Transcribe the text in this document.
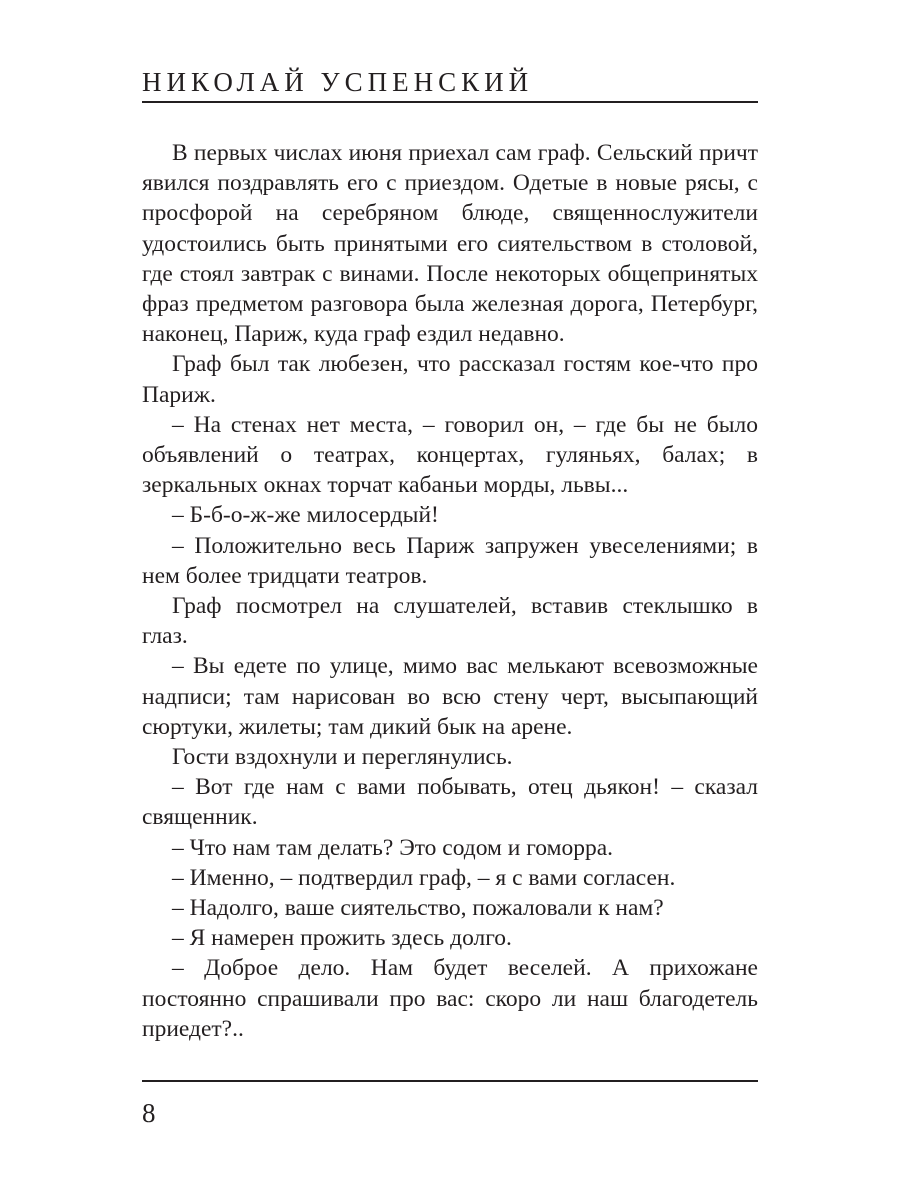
НИКОЛАЙ УСПЕНСКИЙ

В первых числах июня приехал сам граф. Сельский причт явился поздравлять его с приездом. Одетые в новые рясы, с просфорой на серебряном блюде, священнослужители удостоились быть принятыми его сиятельством в столовой, где стоял завтрак с винами. После некоторых общепринятых фраз предметом разговора была железная дорога, Петербург, наконец, Париж, куда граф ездил недавно.

Граф был так любезен, что рассказал гостям кое-что про Париж.

– На стенах нет места, – говорил он, – где бы не было объявлений о театрах, концертах, гуляньях, балах; в зеркальных окнах торчат кабаньи морды, львы...

– Б-б-о-ж-же милосердый!

– Положительно весь Париж запружен увеселениями; в нем более тридцати театров.

Граф посмотрел на слушателей, вставив стеклышко в глаз.

– Вы едете по улице, мимо вас мелькают всевозможные надписи; там нарисован во всю стену черт, высыпающий сюртуки, жилеты; там дикий бык на арене.

Гости вздохнули и переглянулись.

– Вот где нам с вами побывать, отец дьякон! – сказал священник.

– Что нам там делать? Это содом и гоморра.

– Именно, – подтвердил граф, – я с вами согласен.

– Надолго, ваше сиятельство, пожаловали к нам?

– Я намерен прожить здесь долго.

– Доброе дело. Нам будет веселей. А прихожане постоянно спрашивали про вас: скоро ли наш благодетель приедет?..

8
